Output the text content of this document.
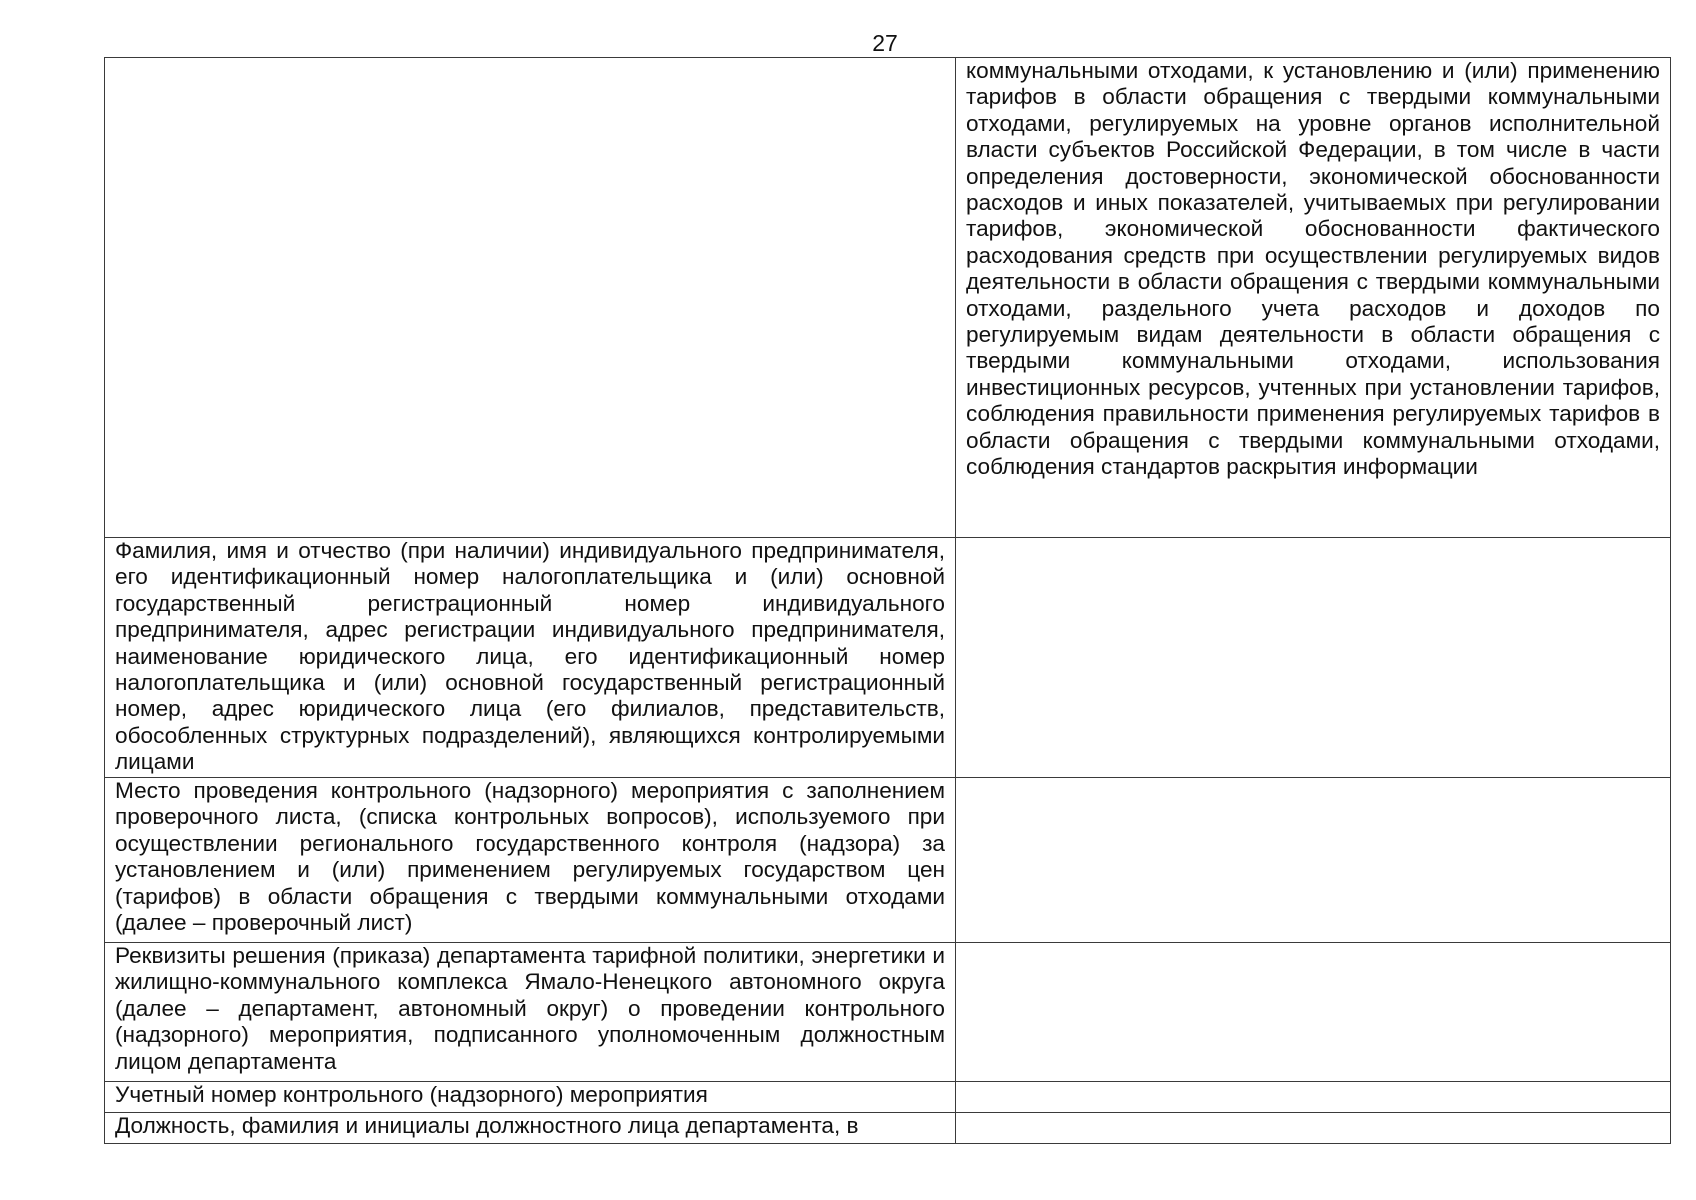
27
	коммунальными отходами, к установлению и (или) применению тарифов в области обращения с твердыми коммунальными отходами, регулируемых на уровне органов исполнительной власти субъектов Российской Федерации, в том числе в части определения достоверности, экономической обоснованности расходов и иных показателей, учитываемых при регулировании тарифов, экономической обоснованности фактического расходования средств при осуществлении регулируемых видов деятельности в области обращения с твердыми коммунальными отходами, раздельного учета расходов и доходов по регулируемым видам деятельности в области обращения с твердыми коммунальными отходами, использования инвестиционных ресурсов, учтенных при установлении тарифов, соблюдения правильности применения регулируемых тарифов в области обращения с твердыми коммунальными отходами, соблюдения стандартов раскрытия информации
Фамилия, имя и отчество (при наличии) индивидуального предпринимателя, его идентификационный номер налогоплательщика и (или) основной государственный регистрационный номер индивидуального предпринимателя, адрес регистрации индивидуального предпринимателя, наименование юридического лица, его идентификационный номер налогоплательщика и (или) основной государственный регистрационный номер, адрес юридического лица (его филиалов, представительств, обособленных структурных подразделений), являющихся контролируемыми лицами	
Место проведения контрольного (надзорного) мероприятия с заполнением проверочного листа, (списка контрольных вопросов), используемого при осуществлении регионального государственного контроля (надзора) за установлением и (или) применением регулируемых государством цен (тарифов) в области обращения с твердыми коммунальными отходами (далее – проверочный лист)	
Реквизиты решения (приказа) департамента тарифной политики, энергетики и жилищно-коммунального комплекса Ямало-Ненецкого автономного округа (далее – департамент, автономный округ) о проведении контрольного (надзорного) мероприятия, подписанного уполномоченным должностным лицом департамента	
Учетный номер контрольного (надзорного) мероприятия	
Должность, фамилия и инициалы должностного лица департамента, в	
